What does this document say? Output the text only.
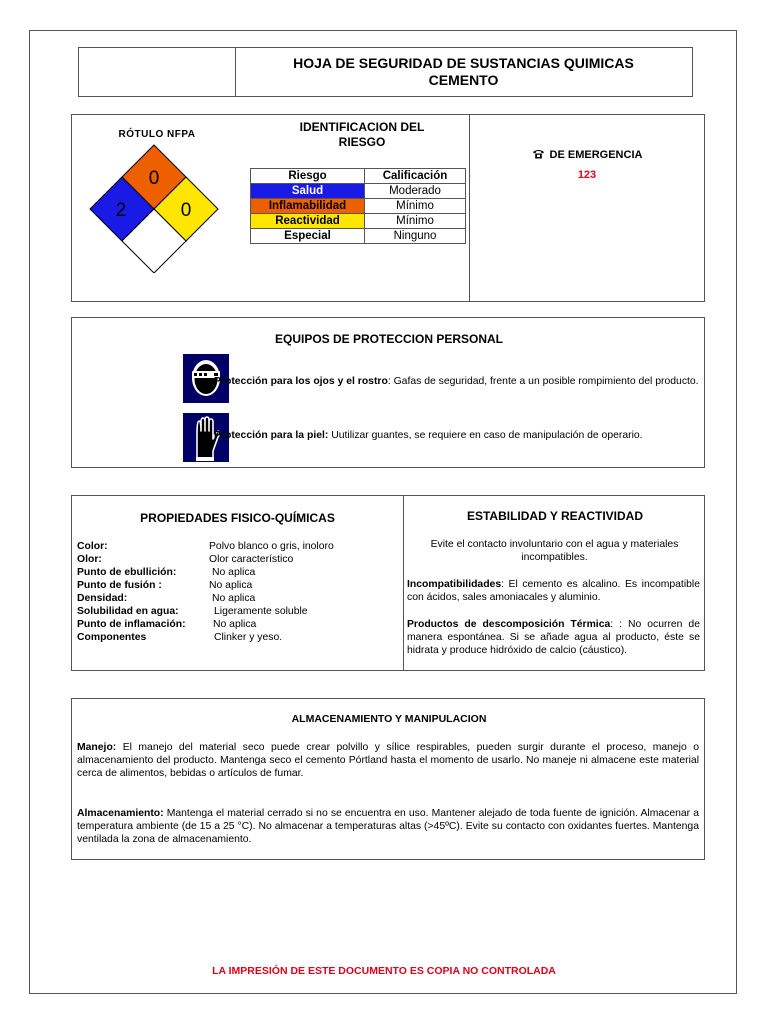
HOJA DE SEGURIDAD DE SUSTANCIAS QUIMICAS
CEMENTO
RÓTULO NFPA
0
2	0
IDENTIFICACION DEL
RIESGO
Riesgo	Calificación
Salud	Moderado
Inflamabilidad	Mínimo
Reactividad	Mínimo
Especial	Ninguno
DE EMERGENCIA
123
EQUIPOS DE PROTECCION PERSONAL
Protección para los ojos y el rostro: Gafas de seguridad, frente a un posible rompimiento del producto.
Protección para la piel: Uutilizar guantes, se requiere en caso de manipulación de operario.
PROPIEDADES FISICO-QUÍMICAS
Color:	Polvo blanco o gris, inoloro
Olor:	Olor característico
Punto de ebullición:	No aplica
Punto de fusión :	No aplica
Densidad:	No aplica
Solubilidad en agua:	Ligeramente soluble
Punto de inflamación:	No aplica
Componentes	Clinker y yeso.
ESTABILIDAD Y REACTIVIDAD
Evite el contacto involuntario con el agua y materiales incompatibles.
Incompatibilidades: El cemento es alcalino. Es incompatible con ácidos, sales amoniacales y aluminio.
Productos de descomposición Térmica: : No ocurren de manera espontánea. Si se añade agua al producto, éste se hidrata y produce hidróxido de calcio (cáustico).
ALMACENAMIENTO Y MANIPULACION
Manejo: El manejo del material seco puede crear polvillo y sílice respirables, pueden surgir durante el proceso, manejo o almacenamiento del producto. Mantenga seco el cemento Pórtland hasta el momento de usarlo. No maneje ni almacene este material cerca de alimentos, bebidas o artículos de fumar.
Almacenamiento: Mantenga el material cerrado si no se encuentra en uso. Mantener alejado de toda fuente de ignición. Almacenar a temperatura ambiente (de 15 a 25 °C). No almacenar a temperaturas altas (>45ºC). Evite su contacto con oxidantes fuertes. Mantenga ventilada la zona de almacenamiento.
LA IMPRESIÓN DE ESTE DOCUMENTO ES COPIA NO CONTROLADA
